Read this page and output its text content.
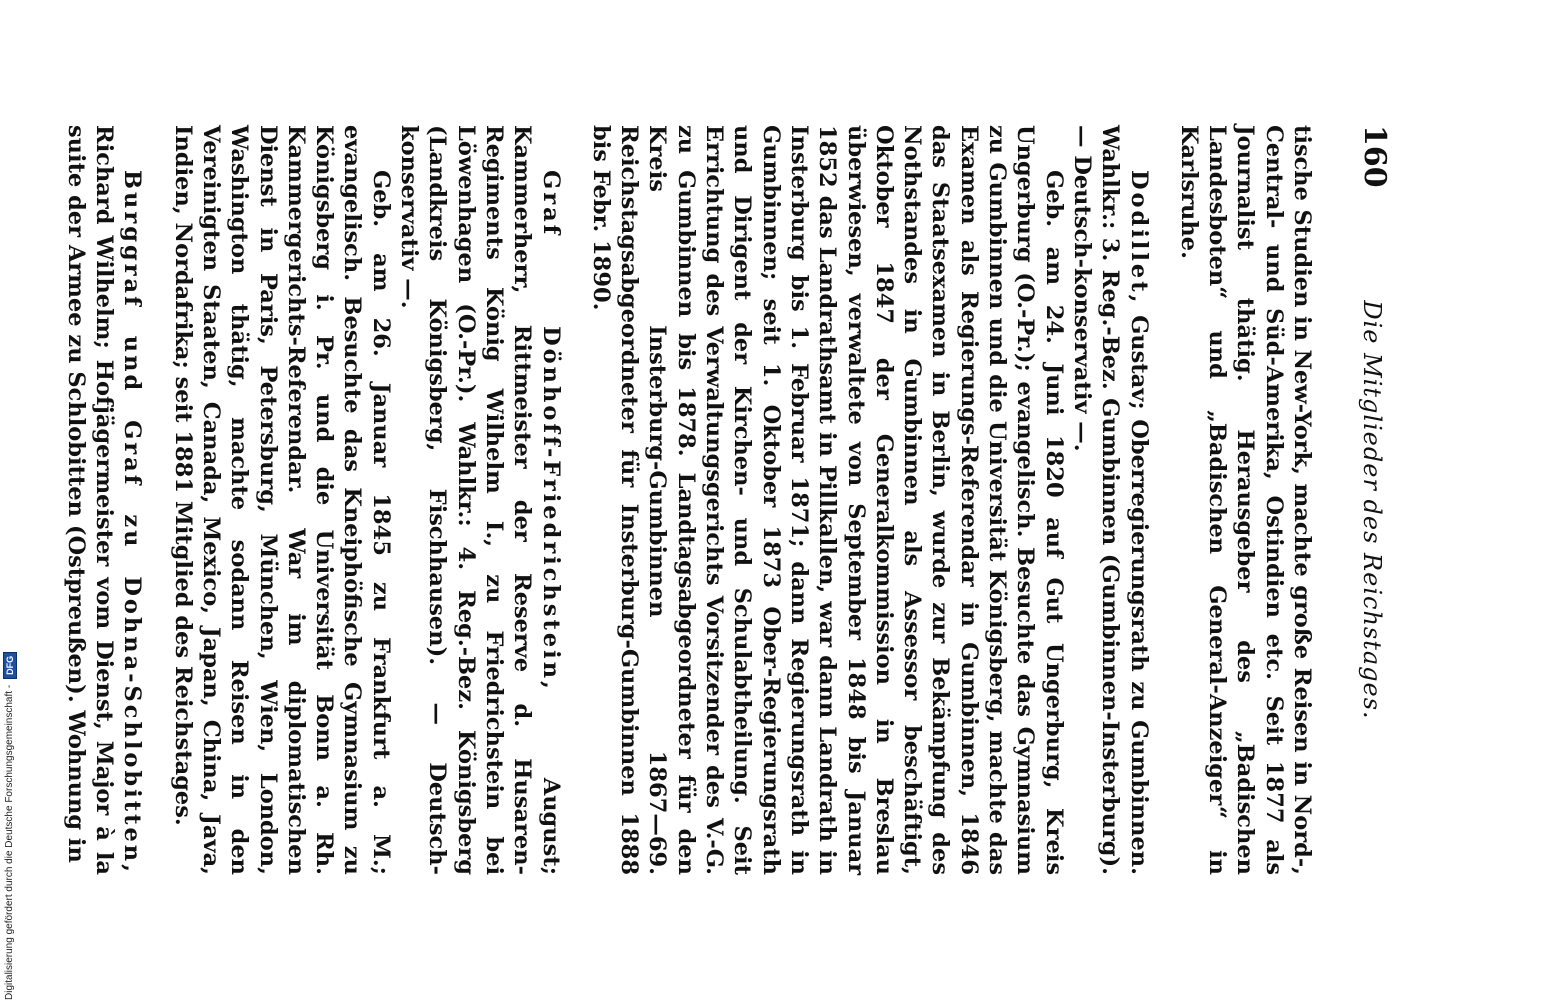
160
Die Mitglieder des Reichstages.

tische Studien in New-York, machte große Reisen in Nord-, Central- und Süd-Amerika, Ostindien etc. Seit 1877 als Journalist thätig. Herausgeber des „Badischen Landesboten“ und „Badischen General-Anzeiger“ in Karlsruhe.

Dodillet, Gustav; Oberregierungsrath zu Gumbinnen. Wahlkr.: 3. Reg.-Bez. Gumbinnen (Gumbinnen-Insterburg). — Deutsch-konservativ —.

Geb. am 24. Juni 1820 auf Gut Ungerburg, Kreis Ungerburg (O.-Pr.); evangelisch. Besuchte das Gymnasium zu Gumbinnen und die Universität Königsberg, machte das Examen als Regierungs-Referendar in Gumbinnen, 1846 das Staatsexamen in Berlin, wurde zur Bekämpfung des Nothstandes in Gumbinnen als Assessor beschäftigt, Oktober 1847 der Generalkommission in Breslau überwiesen, verwaltete von September 1848 bis Januar 1852 das Landrathsamt in Pillkallen, war dann Landrath in Insterburg bis 1. Februar 1871; dann Regierungsrath in Gumbinnen; seit 1. Oktober 1873 Ober-Regierungsrath und Dirigent der Kirchen- und Schulabtheilung. Seit Errichtung des Verwaltungsgerichts Vorsitzender des V.-G. zu Gumbinnen bis 1878. Landtagsabgeordneter für den Kreis Insterburg-Gumbinnen 1867—69. Reichstagsabgeordneter für Insterburg-Gumbinnen 1888 bis Febr. 1890.

Graf Dönhoff-Friedrichstein, August; Kammerherr, Rittmeister der Reserve d. Husaren-Regiments König Wilhelm I., zu Friedrichstein bei Löwenhagen (O.-Pr.). Wahlkr.: 4. Reg.-Bez. Königsberg (Landkreis Königsberg, Fischhausen). — Deutsch-konservativ —.

Geb. am 26. Januar 1845 zu Frankfurt a. M.; evangelisch. Besuchte das Kneiphöfische Gymnasium zu Königsberg i. Pr. und die Universität Bonn a. Rh. Kammergerichts-Referendar. War im diplomatischen Dienst in Paris, Petersburg, München, Wien, London, Washington thätig, machte sodann Reisen in den Vereinigten Staaten, Canada, Mexico, Japan, China, Java, Indien, Nordafrika; seit 1881 Mitglied des Reichstages.

Burggraf und Graf zu Dohna-Schlobitten, Richard Wilhelm; Hofjägermeister vom Dienst, Major à la suite der Armee zu Schlobitten (Ostpreußen). Wohnung in

Digitalisierung gefördert durch die Deutsche Forschungsgemeinschaft -
DFG
